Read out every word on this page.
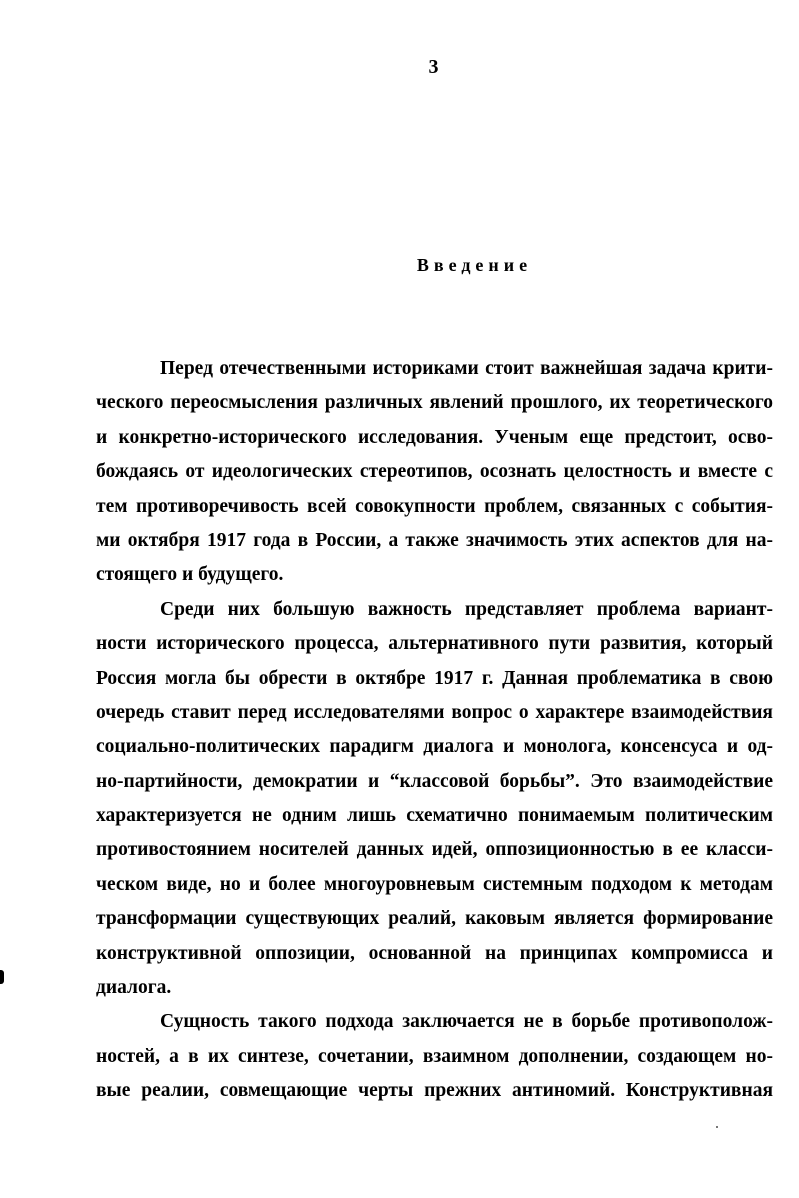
3
Введение
Перед отечественными историками стоит важнейшая задача крити-
ческого переосмысления различных явлений прошлого, их теоретического
и конкретно-исторического исследования. Ученым еще предстоит, осво-
бождаясь от идеологических стереотипов, осознать целостность и вместе с
тем противоречивость всей совокупности проблем, связанных с события-
ми октября 1917 года в России, а также значимость этих аспектов для на-
стоящего и будущего.
Среди них большую важность представляет проблема вариант-
ности исторического процесса, альтернативного пути развития, который
Россия могла бы обрести в октябре 1917 г. Данная проблематика в свою
очередь ставит перед исследователями вопрос о характере взаимодействия
социально-политических парадигм диалога и монолога, консенсуса и од-
но-партийности, демократии и “классовой борьбы”. Это взаимодействие
характеризуется не одним лишь схематично понимаемым политическим
противостоянием носителей данных идей, оппозиционностью в ее класси-
ческом виде, но и более многоуровневым системным подходом к методам
трансформации существующих реалий, каковым является формирование
конструктивной оппозиции, основанной на принципах компромисса и
диалога.
Сущность такого подхода заключается не в борьбе противополож-
ностей, а в их синтезе, сочетании, взаимном дополнении, создающем но-
вые реалии, совмещающие черты прежних антиномий. Конструктивная
